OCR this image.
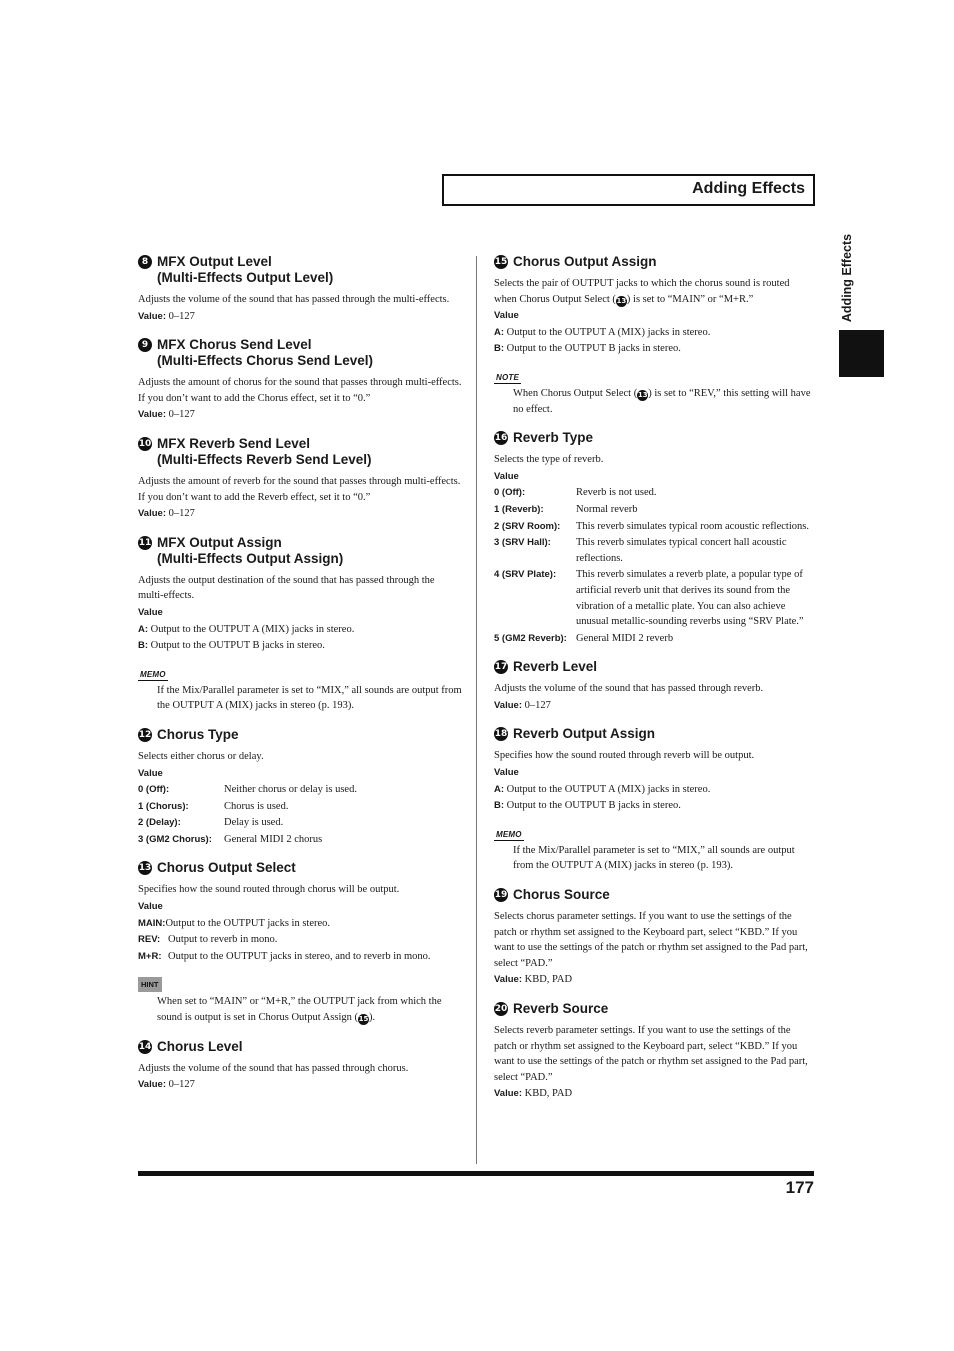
Adding Effects
Adding Effects
8 MFX Output Level
(Multi-Effects Output Level)
Adjusts the volume of the sound that has passed through the multi-effects.
Value: 0–127
9 MFX Chorus Send Level
(Multi-Effects Chorus Send Level)
Adjusts the amount of chorus for the sound that passes through multi-effects. If you don’t want to add the Chorus effect, set it to “0.”
Value: 0–127
10 MFX Reverb Send Level
(Multi-Effects Reverb Send Level)
Adjusts the amount of reverb for the sound that passes through multi-effects. If you don’t want to add the Reverb effect, set it to “0.”
Value: 0–127
11 MFX Output Assign
(Multi-Effects Output Assign)
Adjusts the output destination of the sound that has passed through the multi-effects.
Value
A:
Output to the OUTPUT A (MIX) jacks in stereo.
B:
Output to the OUTPUT B jacks in stereo.
MEMO
If the Mix/Parallel parameter is set to “MIX,” all sounds are output from the OUTPUT A (MIX) jacks in stereo (p. 193).
12 Chorus Type
Selects either chorus or delay.
Value
0 (Off):	Neither chorus or delay is used.
1 (Chorus):	Chorus is used.
2 (Delay):	Delay is used.
3 (GM2 Chorus):	General MIDI 2 chorus
13 Chorus Output Select
Specifies how the sound routed through chorus will be output.
Value
MAIN: Output to the OUTPUT jacks in stereo.
REV: Output to reverb in mono.
M+R: Output to the OUTPUT jacks in stereo, and to reverb in mono.
HINT
When set to “MAIN” or “M+R,” the OUTPUT jack from which the sound is output is set in Chorus Output Assign (15).
14 Chorus Level
Adjusts the volume of the sound that has passed through chorus.
Value: 0–127
15 Chorus Output Assign
Selects the pair of OUTPUT jacks to which the chorus sound is routed when Chorus Output Select (13) is set to “MAIN” or “M+R.”
Value
A:
Output to the OUTPUT A (MIX) jacks in stereo.
B:
Output to the OUTPUT B jacks in stereo.
NOTE
When Chorus Output Select (13) is set to “REV,” this setting will have no effect.
16 Reverb Type
Selects the type of reverb.
Value
0 (Off):	Reverb is not used.
1 (Reverb):	Normal reverb
2 (SRV Room):	This reverb simulates typical room acoustic reflections.
3 (SRV Hall):	This reverb simulates typical concert hall acoustic reflections.
4 (SRV Plate):	This reverb simulates a reverb plate, a popular type of artificial reverb unit that derives its sound from the vibration of a metallic plate. You can also achieve unusual metallic-sounding reverbs using “SRV Plate.”
5 (GM2 Reverb): General MIDI 2 reverb
17 Reverb Level
Adjusts the volume of the sound that has passed through reverb.
Value: 0–127
18 Reverb Output Assign
Specifies how the sound routed through reverb will be output.
Value
A:
Output to the OUTPUT A (MIX) jacks in stereo.
B:
Output to the OUTPUT B jacks in stereo.
MEMO
If the Mix/Parallel parameter is set to “MIX,” all sounds are output from the OUTPUT A (MIX) jacks in stereo (p. 193).
19 Chorus Source
Selects chorus parameter settings. If you want to use the settings of the patch or rhythm set assigned to the Keyboard part, select “KBD.” If you want to use the settings of the patch or rhythm set assigned to the Pad part, select “PAD.”
Value: KBD, PAD
20 Reverb Source
Selects reverb parameter settings. If you want to use the settings of the patch or rhythm set assigned to the Keyboard part, select “KBD.” If you want to use the settings of the patch or rhythm set assigned to the Pad part, select “PAD.”
Value: KBD, PAD
177
